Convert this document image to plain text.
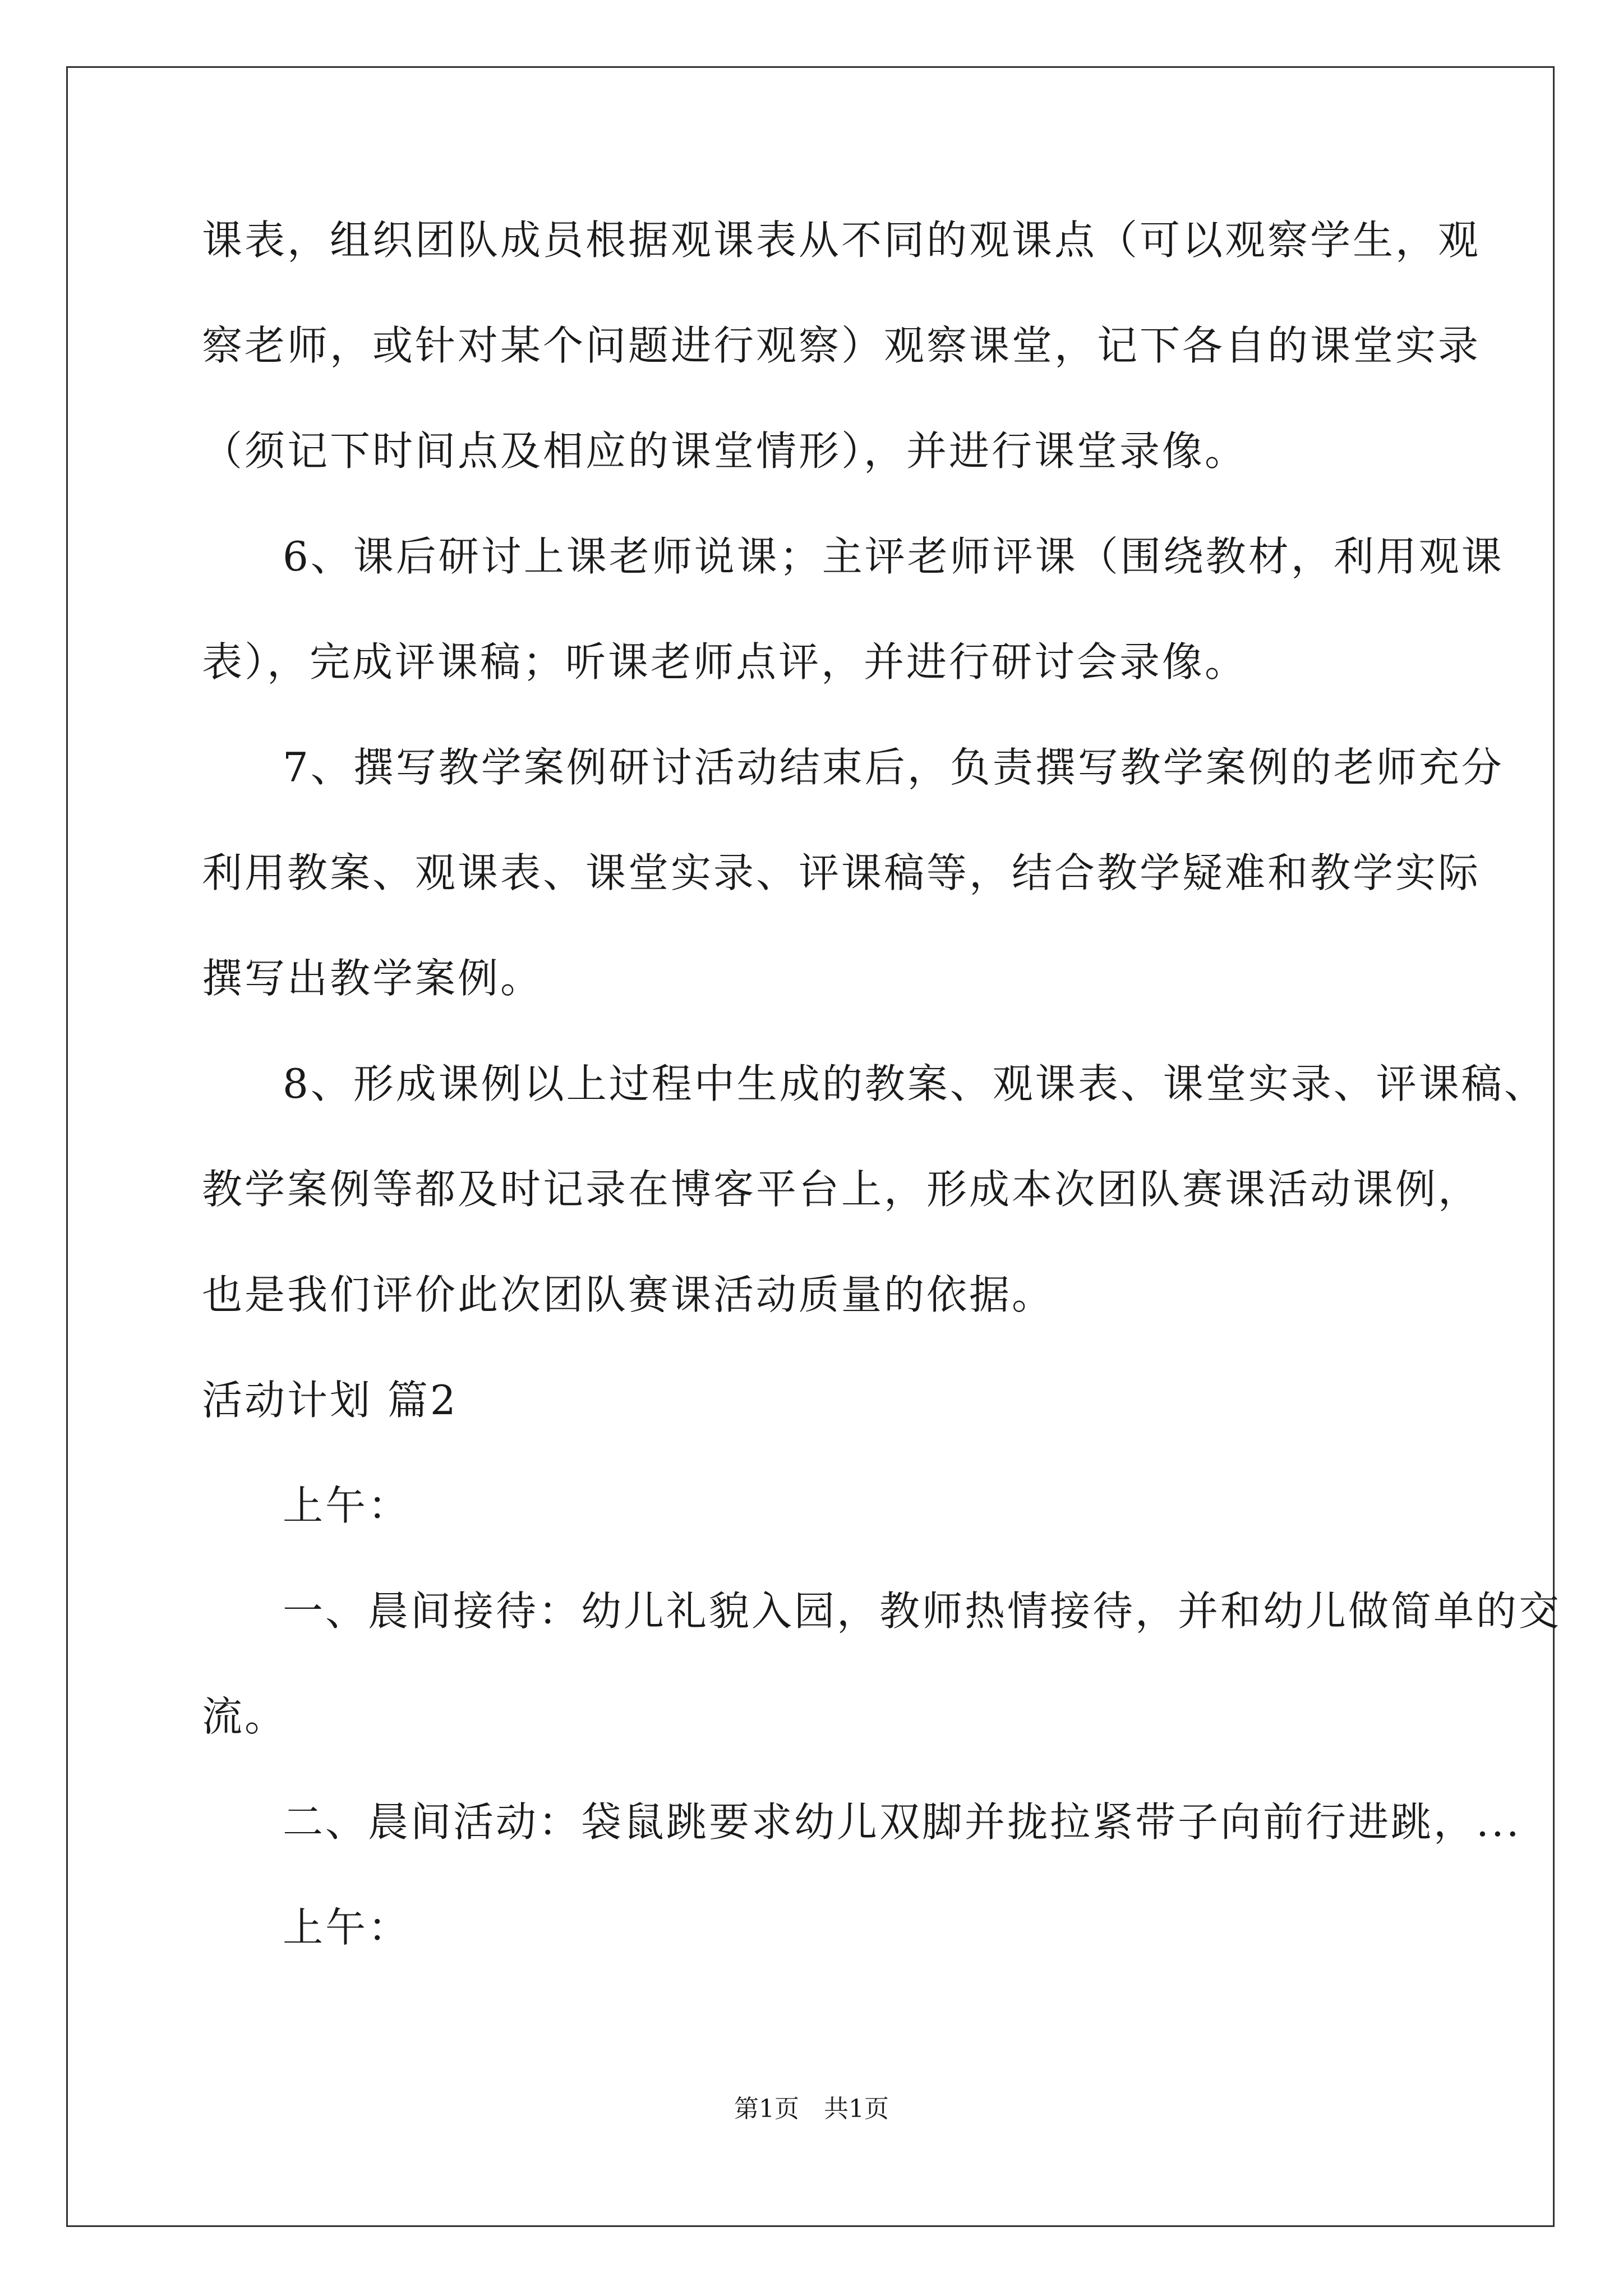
课表，组织团队成员根据观课表从不同的观课点（可以观察学生，观
察老师，或针对某个问题进行观察）观察课堂，记下各自的课堂实录
（须记下时间点及相应的课堂情形），并进行课堂录像。
6、课后研讨上课老师说课；主评老师评课（围绕教材，利用观课
表），完成评课稿；听课老师点评，并进行研讨会录像。
7、撰写教学案例研讨活动结束后，负责撰写教学案例的老师充分
利用教案、观课表、课堂实录、评课稿等，结合教学疑难和教学实际
撰写出教学案例。
8、形成课例以上过程中生成的教案、观课表、课堂实录、评课稿、
教学案例等都及时记录在博客平台上，形成本次团队赛课活动课例，
也是我们评价此次团队赛课活动质量的依据。
活动计划 篇2
上午：
一、晨间接待：幼儿礼貌入园，教师热情接待，并和幼儿做简单的交
流。
二、晨间活动：袋鼠跳要求幼儿双脚并拢拉紧带子向前行进跳，...
上午：
第1页　共1页
